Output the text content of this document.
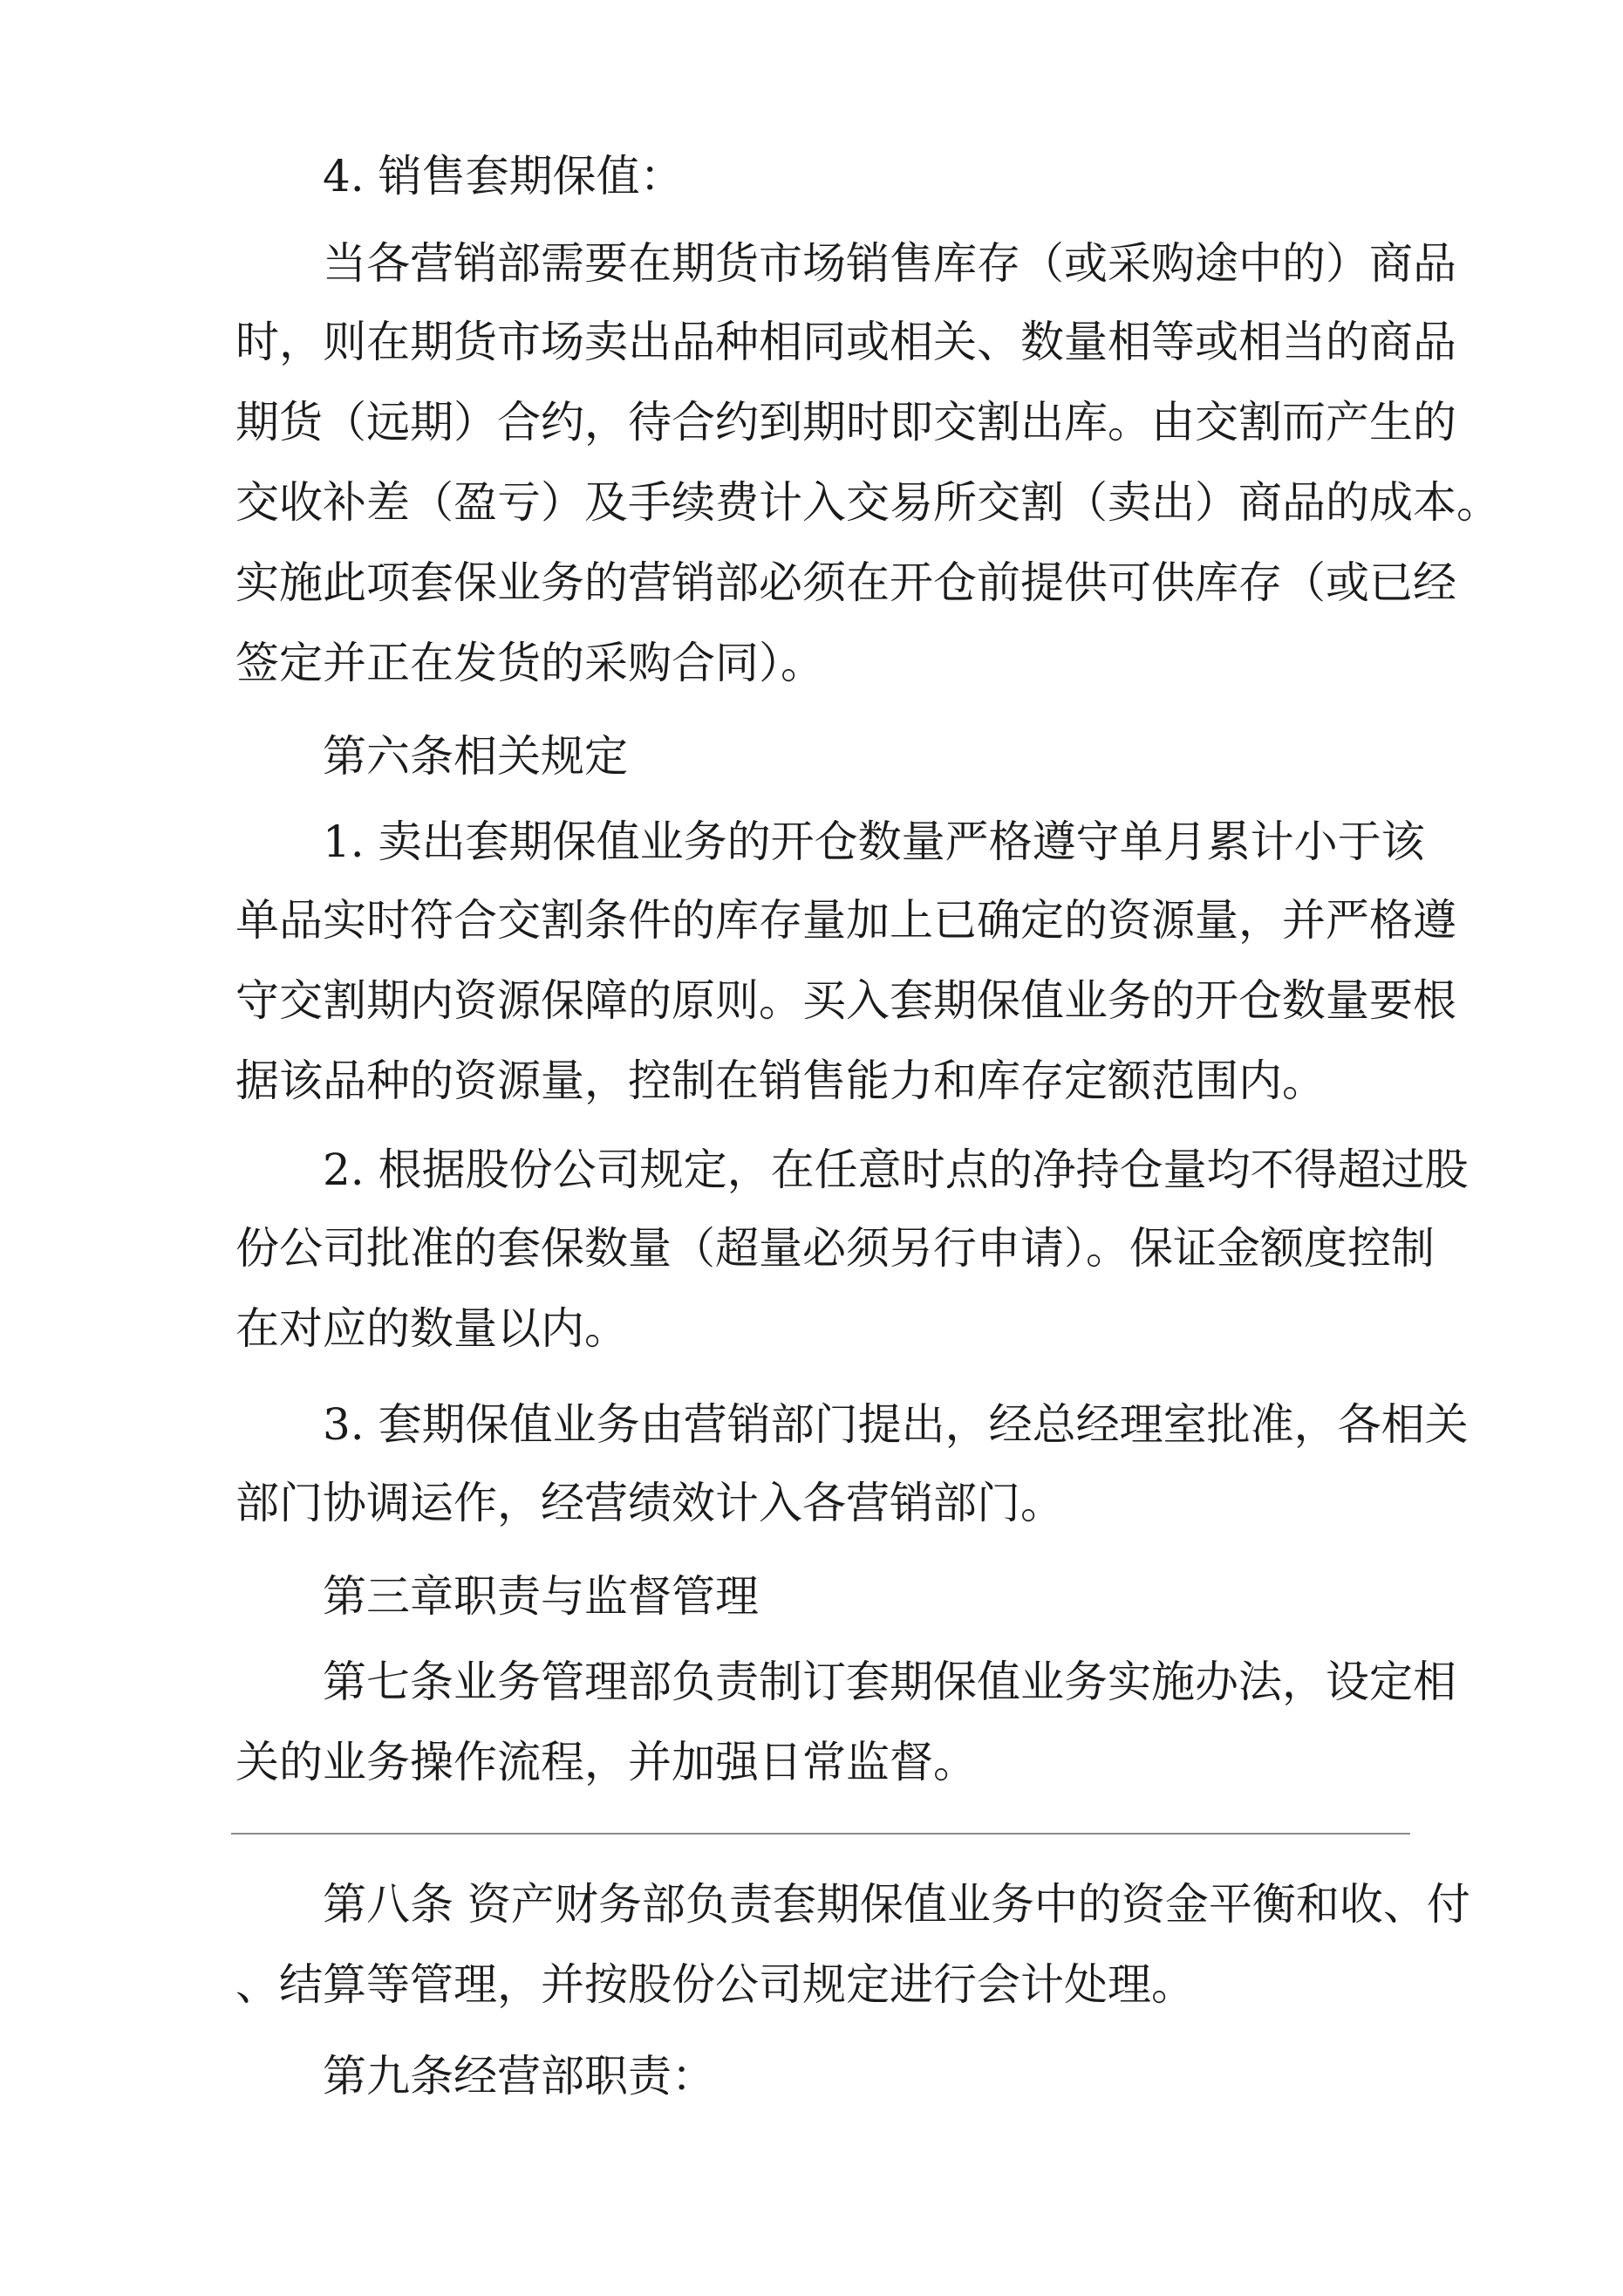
4. 销售套期保值：
当各营销部需要在期货市场销售库存（或采购途中的）商品
时，则在期货市场卖出品种相同或相关、数量相等或相当的商品
期货（远期）合约，待合约到期时即交割出库。由交割而产生的
交收补差（盈亏）及手续费计入交易所交割（卖出）商品的成本。
实施此项套保业务的营销部必须在开仓前提供可供库存（或已经
签定并正在发货的采购合同）。
第六条相关规定
1. 卖出套期保值业务的开仓数量严格遵守单月累计小于该
单品实时符合交割条件的库存量加上已确定的资源量，并严格遵
守交割期内资源保障的原则。买入套期保值业务的开仓数量要根
据该品种的资源量，控制在销售能力和库存定额范围内。
2. 根据股份公司规定，在任意时点的净持仓量均不得超过股
份公司批准的套保数量（超量必须另行申请）。保证金额度控制
在对应的数量以内。
3. 套期保值业务由营销部门提出，经总经理室批准，各相关
部门协调运作，经营绩效计入各营销部门。
第三章职责与监督管理
第七条业务管理部负责制订套期保值业务实施办法，设定相
关的业务操作流程，并加强日常监督。
第八条 资产财务部负责套期保值业务中的资金平衡和收、付
、结算等管理，并按股份公司规定进行会计处理。
第九条经营部职责：
